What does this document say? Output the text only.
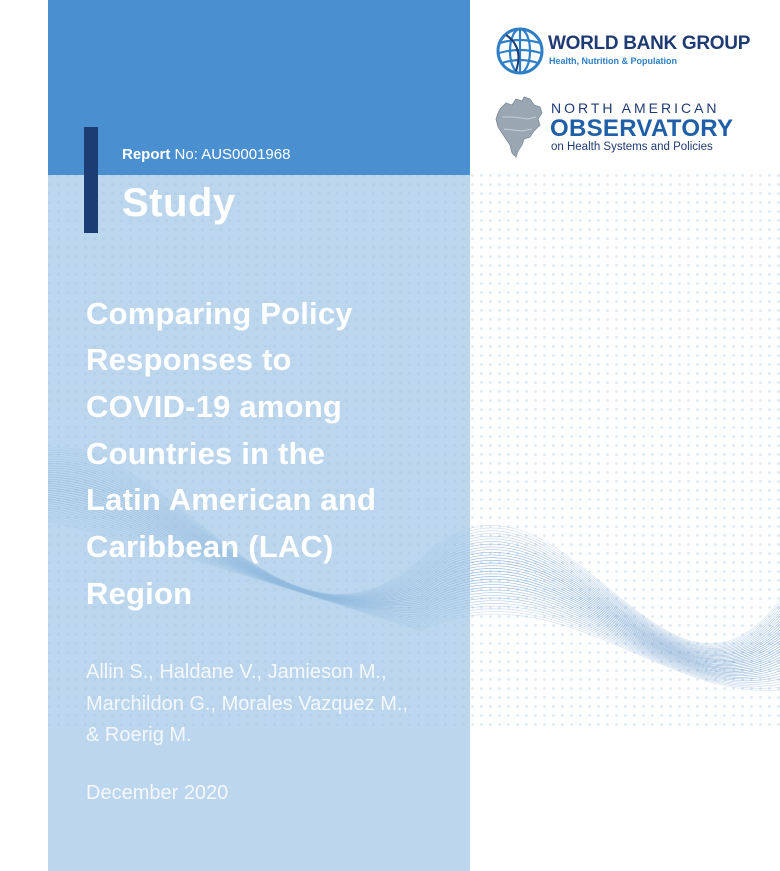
Report No: AUS0001968
Study
Comparing Policy
Responses to
COVID-19 among
Countries in the
Latin American and
Caribbean (LAC)
Region
Allin S., Haldane V., Jamieson M.,
Marchildon G., Morales Vazquez M.,
& Roerig M.
December 2020
WORLD BANK GROUP
Health, Nutrition & Population
NORTH AMERICAN
OBSERVATORY
on Health Systems and Policies
